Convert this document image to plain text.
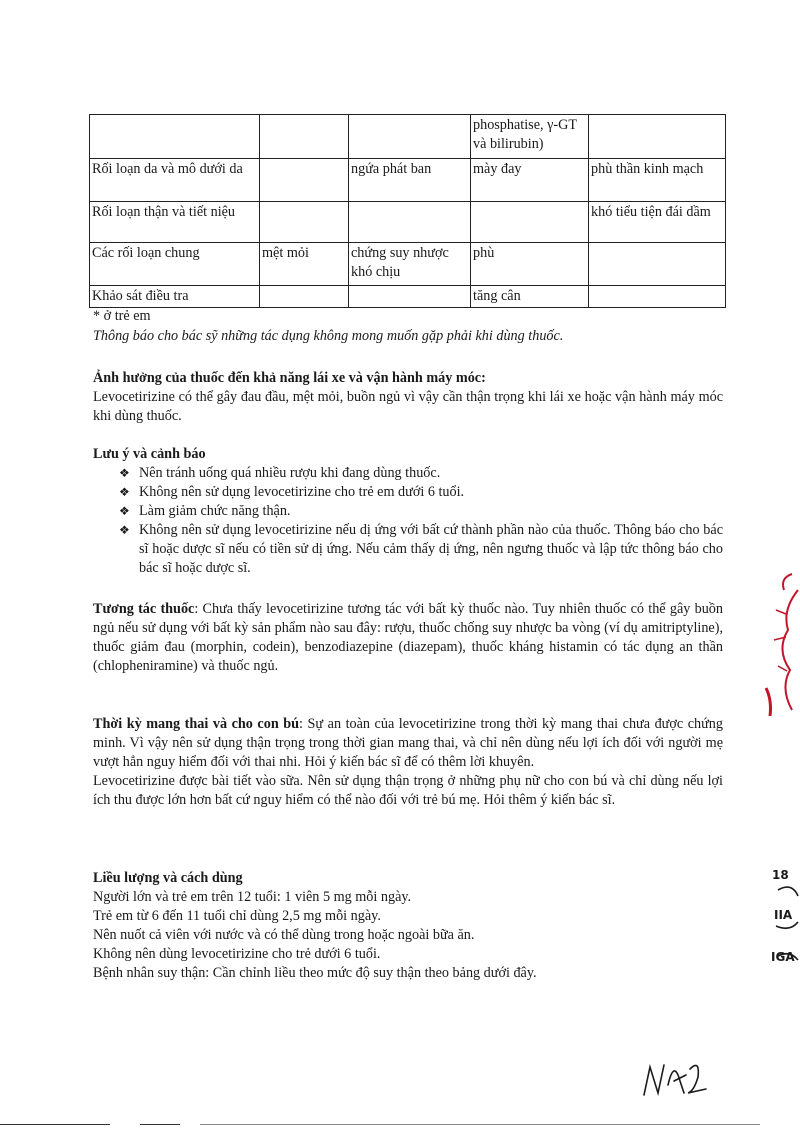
			phosphatise, γ-GT và bilirubin)	
Rối loạn da và mô dưới da		ngứa phát ban	mày đay	phù thần kinh mạch
Rối loạn thận và tiết niệu				khó tiểu tiện đái dầm
Các rối loạn chung	mệt mỏi	chứng suy nhược khó chịu	phù	
Khảo sát điều tra			tăng cân	
* ở trẻ em
Thông báo cho bác sỹ những tác dụng không mong muốn gặp phải khi dùng thuốc.
Ảnh hưởng của thuốc đến khả năng lái xe và vận hành máy móc:
Levocetirizine có thể gây đau đầu, mệt mỏi, buồn ngủ vì vậy cần thận trọng khi lái xe hoặc vận hành máy móc khi dùng thuốc.
Lưu ý và cảnh báo
❖ Nên tránh uống quá nhiều rượu khi đang dùng thuốc.
❖ Không nên sử dụng levocetirizine cho trẻ em dưới 6 tuổi.
❖ Làm giảm chức năng thận.
❖ Không nên sử dụng levocetirizine nếu dị ứng với bất cứ thành phần nào của thuốc. Thông báo cho bác sĩ hoặc dược sĩ nếu có tiền sử dị ứng. Nếu cảm thấy dị ứng, nên ngưng thuốc và lập tức thông báo cho bác sĩ hoặc dược sĩ.
Tương tác thuốc: Chưa thấy levocetirizine tương tác với bất kỳ thuốc nào. Tuy nhiên thuốc có thể gây buồn ngủ nếu sử dụng với bất kỳ sản phẩm nào sau đây: rượu, thuốc chống suy nhược ba vòng (ví dụ amitriptyline), thuốc giảm đau (morphin, codein), benzodiazepine (diazepam), thuốc kháng histamin có tác dụng an thần (chlopheniramine) và thuốc ngủ.
Thời kỳ mang thai và cho con bú: Sự an toàn của levocetirizine trong thời kỳ mang thai chưa được chứng minh. Vì vậy nên sử dụng thận trọng trong thời gian mang thai, và chỉ nên dùng nếu lợi ích đối với người mẹ vượt hẳn nguy hiểm đối với thai nhi. Hỏi ý kiến bác sĩ để có thêm lời khuyên.
Levocetirizine được bài tiết vào sữa. Nên sử dụng thận trọng ở những phụ nữ cho con bú và chỉ dùng nếu lợi ích thu được lớn hơn bất cứ nguy hiểm có thể nào đối với trẻ bú mẹ. Hỏi thêm ý kiến bác sĩ.
Liều lượng và cách dùng
Người lớn và trẻ em trên 12 tuổi: 1 viên 5 mg mỗi ngày.
Trẻ em từ 6 đến 11 tuổi chỉ dùng 2,5 mg mỗi ngày.
Nên nuốt cả viên với nước và có thể dùng trong hoặc ngoài bữa ăn.
Không nên dùng levocetirizine cho trẻ dưới 6 tuổi.
Bệnh nhân suy thận: Cần chỉnh liều theo mức độ suy thận theo bảng dưới đây.
18
ΙΙA
IGA
